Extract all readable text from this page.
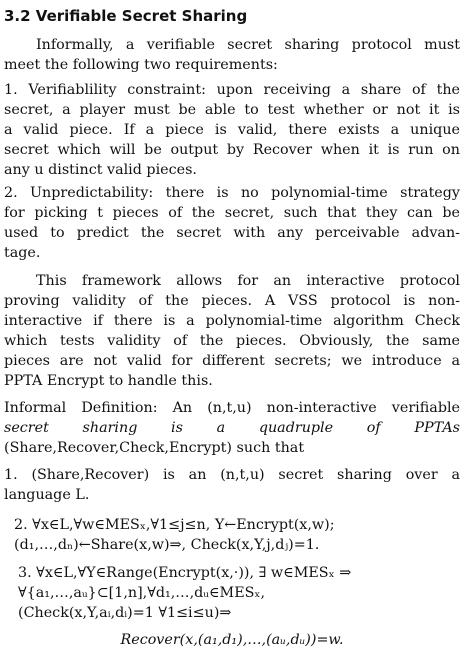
3.2 Verifiable Secret Sharing
Informally, a verifiable secret sharing protocol must
meet the following two requirements:
1. Verifiablility constraint: upon receiving a share of the
secret, a player must be able to test whether or not it is
a valid piece. If a piece is valid, there exists a unique
secret which will be output by Recover when it is run on
any u distinct valid pieces.
2. Unpredictability: there is no polynomial-time strategy
for picking t pieces of the secret, such that they can be
used to predict the secret with any perceivable advan-
tage.
This framework allows for an interactive protocol
proving validity of the pieces. A VSS protocol is non-
interactive if there is a polynomial-time algorithm Check
which tests validity of the pieces. Obviously, the same
pieces are not valid for different secrets; we introduce a
PPTA Encrypt to handle this.
Informal Definition: An (n,t,u) non-interactive verifiable
secret sharing is a quadruple of PPTAs
(Share,Recover,Check,Encrypt) such that
1. (Share,Recover) is an (n,t,u) secret sharing over a
language L.
2. ∀x∈L,∀w∈MESₓ,∀1≤j≤n, Y←Encrypt(x,w);
(d₁,…,dₙ)←Share(x,w)⇒, Check(x,Y,j,dⱼ)=1.
3. ∀x∈L,∀Y∈Range(Encrypt(x,·)), ∃ w∈MESₓ ⇒
∀{a₁,…,aᵤ}⊂[1,n],∀d₁,…,dᵤ∈MESₓ,
(Check(x,Y,aᵢ,dᵢ)=1 ∀1≤i≤u)⇒
Recover(x,(a₁,d₁),…,(aᵤ,dᵤ))=w.
